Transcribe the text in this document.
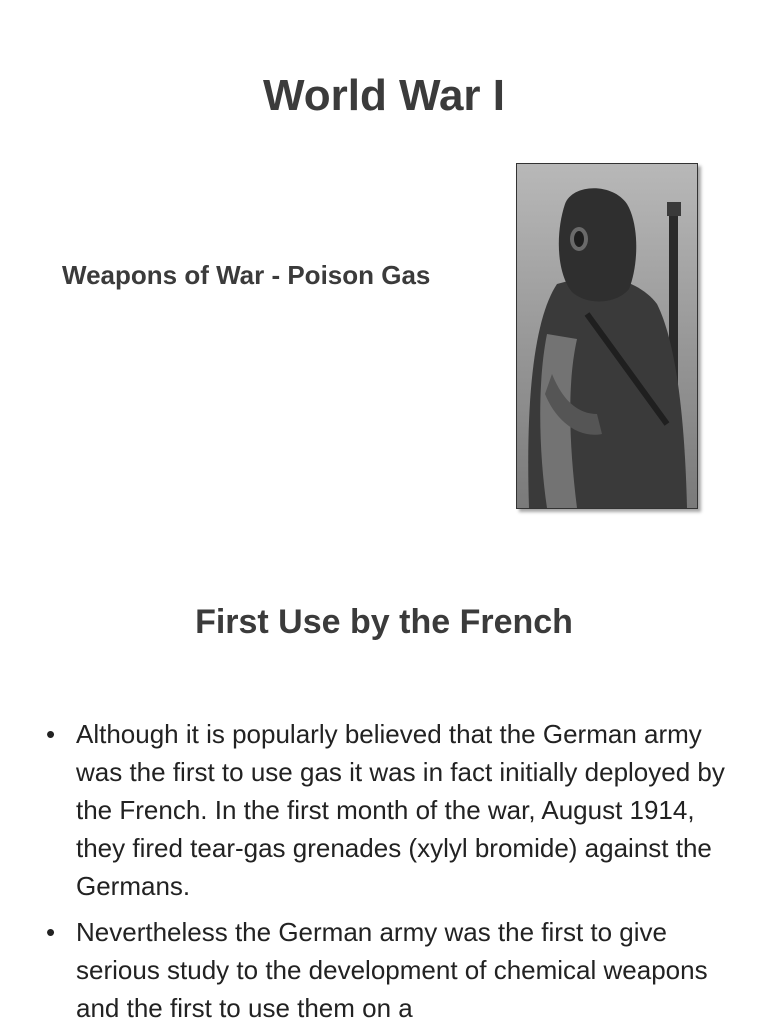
World War I
Weapons of War - Poison Gas
First Use by the French
• Although it is popularly believed that the German army was the first to use gas it was in fact initially deployed by the French. In the first month of the war, August 1914, they fired tear-gas grenades (xylyl bromide) against the Germans.
• Nevertheless the German army was the first to give serious study to the development of chemical weapons and the first to use them on a
